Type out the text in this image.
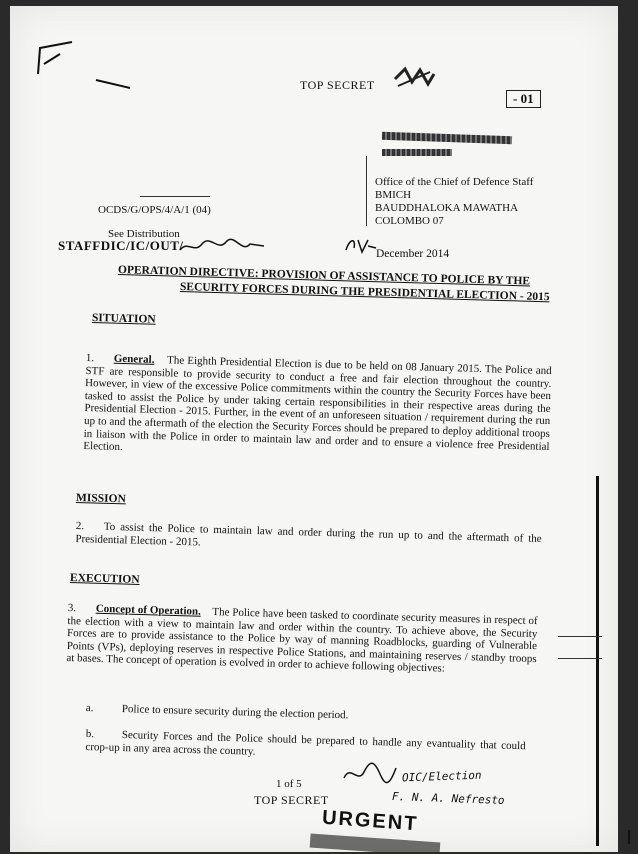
TOP SECRET
- 01
Office of the Chief of Defence Staff
BMICH
BAUDDHALOKA MAWATHA
COLOMBO 07
OCDS/G/OPS/4/A/1 (04)
See Distribution
STAFFDIC/IC/OUT/
December 2014
OPERATION DIRECTIVE: PROVISION OF ASSISTANCE TO POLICE BY THE
SECURITY FORCES DURING THE PRESIDENTIAL ELECTION - 2015
SITUATION
1. General. The Eighth Presidential Election is due to be held on 08 January 2015. The Police and STF are responsible to provide security to conduct a free and fair election throughout the country. However, in view of the excessive Police commitments within the country the Security Forces have been tasked to assist the Police by under taking certain responsibilities in their respective areas during the Presidential Election - 2015. Further, in the event of an unforeseen situation / requirement during the run up to and the aftermath of the election the Security Forces should be prepared to deploy additional troops in liaison with the Police in order to maintain law and order and to ensure a violence free Presidential Election.
MISSION
2. To assist the Police to maintain law and order during the run up to and the aftermath of the Presidential Election - 2015.
EXECUTION
3. Concept of Operation. The Police have been tasked to coordinate security measures in respect of the election with a view to maintain law and order within the country. To achieve above, the Security Forces are to provide assistance to the Police by way of manning Roadblocks, guarding of Vulnerable Points (VPs), deploying reserves in respective Police Stations, and maintaining reserves / standby troops at bases. The concept of operation is evolved in order to achieve following objectives:
a.	Police to ensure security during the election period.
b. Security Forces and the Police should be prepared to handle any evantuality that could crop-up in any area across the country.
1 of 5
TOP SECRET
OIC/Election
F. N. A. Nefresto
URGENT
